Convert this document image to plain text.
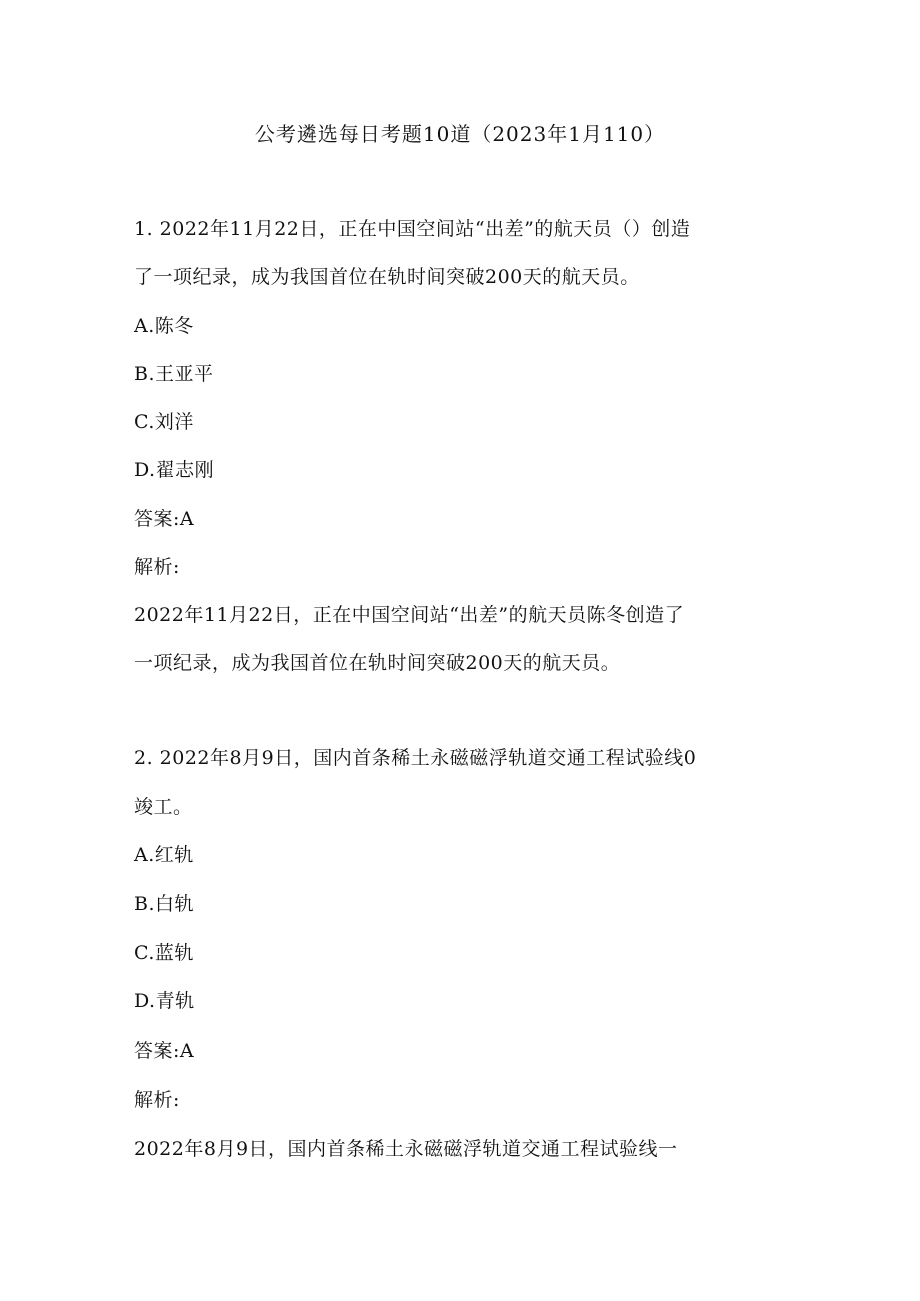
公考遴选每日考题10道（2023年1月110）
1. 2022年11月22日，正在中国空间站“出差”的航天员（）创造
了一项纪录，成为我国首位在轨时间突破200天的航天员。
A.陈冬
B.王亚平
C.刘洋
D.翟志刚
答案:A
解析:
2022年11月22日，正在中国空间站“出差”的航天员陈冬创造了
一项纪录，成为我国首位在轨时间突破200天的航天员。
2. 2022年8月9日，国内首条稀土永磁磁浮轨道交通工程试验线0
竣工。
A.红轨
B.白轨
C.蓝轨
D.青轨
答案:A
解析:
2022年8月9日，国内首条稀土永磁磁浮轨道交通工程试验线一
